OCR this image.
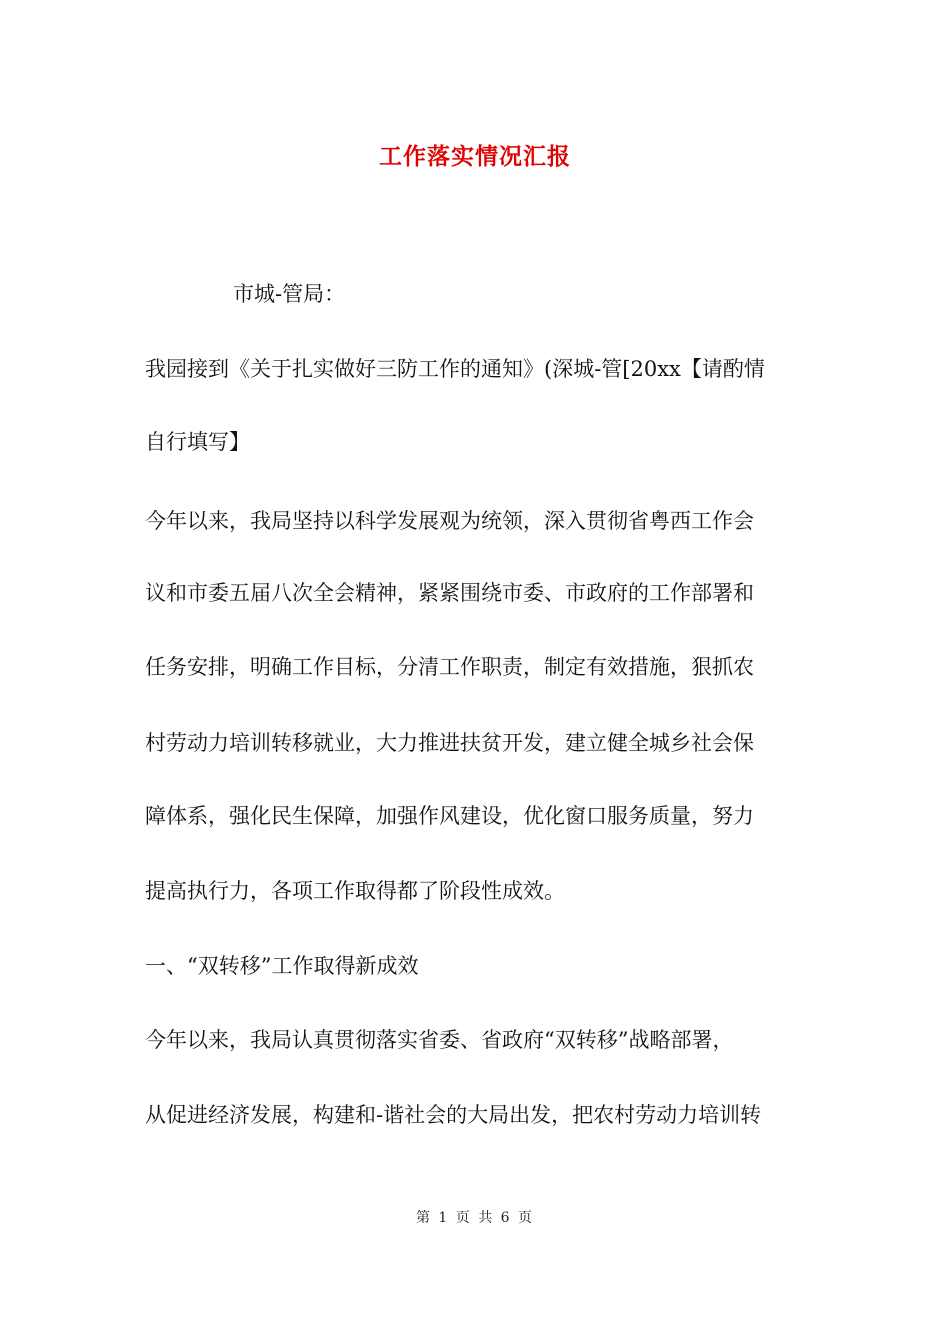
工作落实情况汇报
市城-管局：
我园接到《关于扎实做好三防工作的通知》(深城-管[20xx【请酌情
自行填写】
今年以来，我局坚持以科学发展观为统领，深入贯彻省粤西工作会
议和市委五届八次全会精神，紧紧围绕市委、市政府的工作部署和
任务安排，明确工作目标，分清工作职责，制定有效措施，狠抓农
村劳动力培训转移就业，大力推进扶贫开发，建立健全城乡社会保
障体系，强化民生保障，加强作风建设，优化窗口服务质量，努力
提高执行力，各项工作取得都了阶段性成效。
一、“双转移”工作取得新成效
今年以来，我局认真贯彻落实省委、省政府“双转移”战略部署，
从促进经济发展，构建和-谐社会的大局出发，把农村劳动力培训转
第 1 页 共 6 页
